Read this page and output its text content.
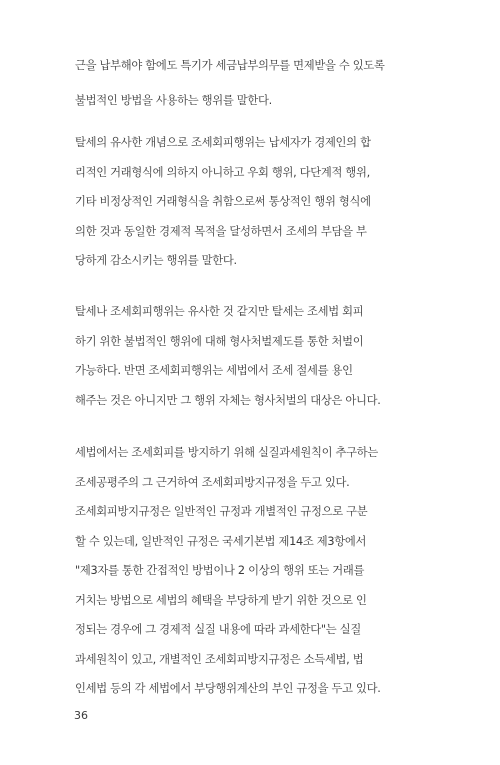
근을 납부해야 함에도 특기가 세금납부의무를 면제받을 수 있도록
불법적인 방법을 사용하는 행위를 말한다.
탈세의 유사한 개념으로 조세회피행위는 납세자가 경제인의 합
리적인 거래형식에 의하지 아니하고 우회 행위, 다단계적 행위,
기타 비정상적인 거래형식을 취함으로써 통상적인 행위 형식에
의한 것과 동일한 경제적 목적을 달성하면서 조세의 부담을 부
당하게 감소시키는 행위를 말한다.
탈세나 조세회피행위는 유사한 것 같지만 탈세는 조세법 회피
하기 위한 불법적인 행위에 대해 형사처벌제도를 통한 처벌이
가능하다. 반면 조세회피행위는 세법에서 조세 절세를 용인
해주는 것은 아니지만 그 행위 자체는 형사처벌의 대상은 아니다.
세법에서는 조세회피를 방지하기 위해 실질과세원칙이 추구하는
조세공평주의 그 근거하여 조세회피방지규정을 두고 있다.
조세회피방지규정은 일반적인 규정과 개별적인 규정으로 구분
할 수 있는데, 일반적인 규정은 국세기본법 제14조 제3항에서
"제3자를 통한 간접적인 방법이나 2 이상의 행위 또는 거래를
거치는 방법으로 세법의 혜택을 부당하게 받기 위한 것으로 인
정되는 경우에 그 경제적 실질 내용에 따라 과세한다"는 실질
과세원칙이 있고, 개별적인 조세회피방지규정은 소득세법, 법
인세법 등의 각 세법에서 부당행위계산의 부인 규정을 두고 있다.
36
